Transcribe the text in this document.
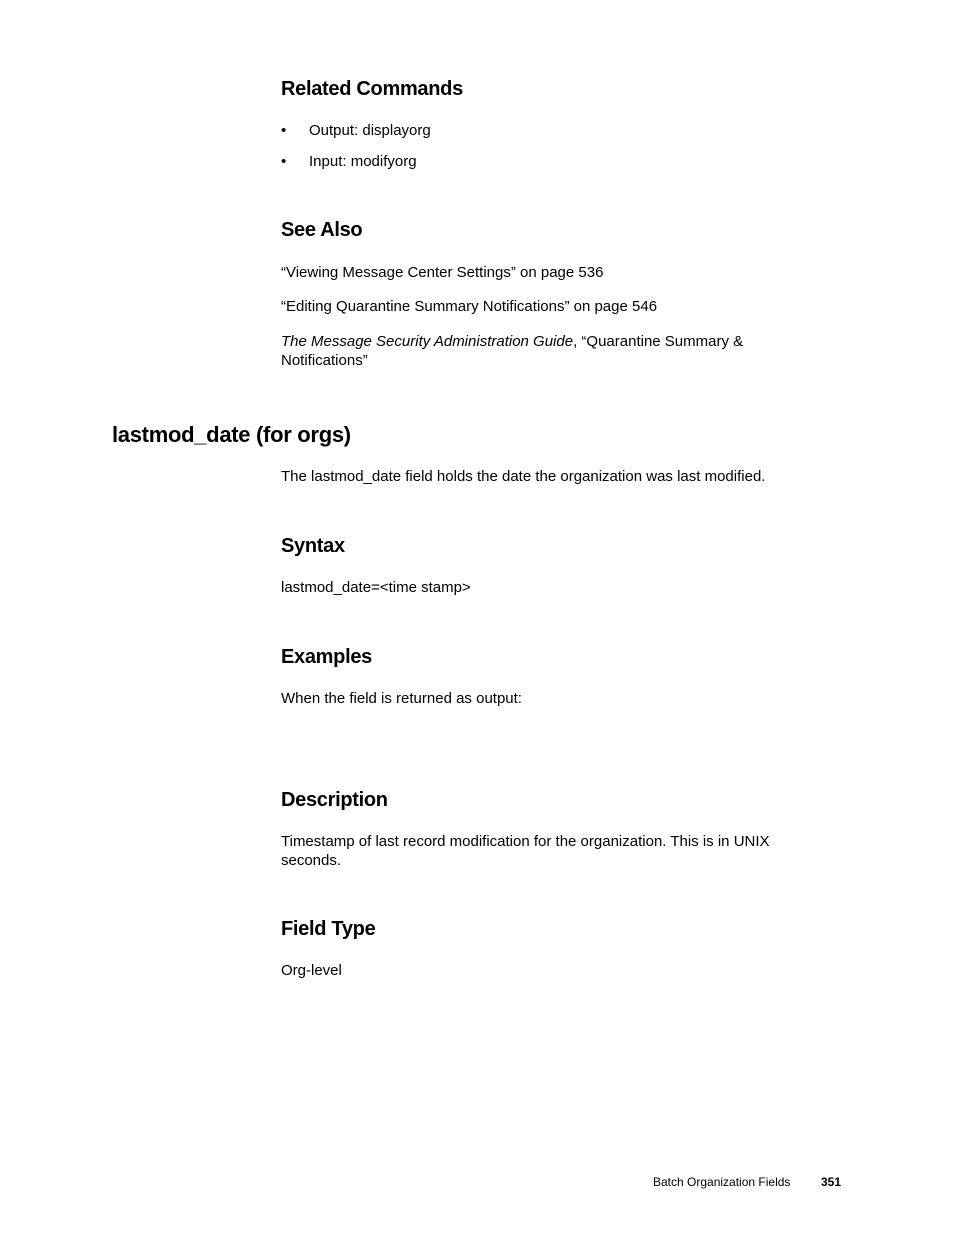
Related Commands
•	Output: displayorg
•	Input: modifyorg
See Also
“Viewing Message Center Settings” on page 536
“Editing Quarantine Summary Notifications” on page 546
The Message Security Administration Guide, “Quarantine Summary & Notifications”
lastmod_date (for orgs)
The lastmod_date field holds the date the organization was last modified.
Syntax
lastmod_date=<time stamp>
Examples
When the field is returned as output:
Description
Timestamp of last record modification for the organization. This is in UNIX seconds.
Field Type
Org-level
Batch Organization Fields	351
